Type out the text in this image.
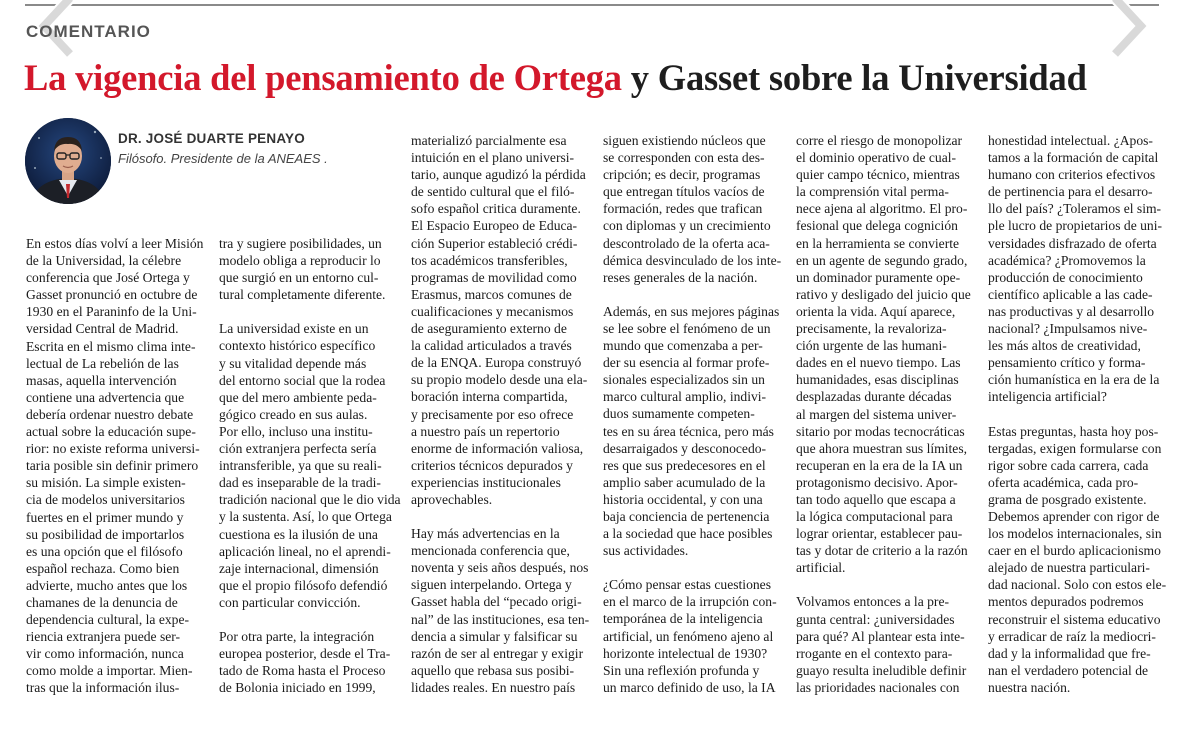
COMENTARIO
La vigencia del pensamiento de Ortega y Gasset sobre la Universidad
DR. JOSÉ DUARTE PENAYO
Filósofo. Presidente de la ANEAES .
En estos días volví a leer Misión
de la Universidad, la célebre
conferencia que José Ortega y
Gasset pronunció en octubre de
1930 en el Paraninfo de la Uni-
versidad Central de Madrid.
Escrita en el mismo clima inte-
lectual de La rebelión de las
masas, aquella intervención
contiene una advertencia que
debería ordenar nuestro debate
actual sobre la educación supe-
rior: no existe reforma universi-
taria posible sin definir primero
su misión. La simple existen-
cia de modelos universitarios
fuertes en el primer mundo y
su posibilidad de importarlos
es una opción que el filósofo
español rechaza. Como bien
advierte, mucho antes que los
chamanes de la denuncia de
dependencia cultural, la expe-
riencia extranjera puede ser-
vir como información, nunca
como molde a importar. Mien-
tras que la información ilus-
tra y sugiere posibilidades, un
modelo obliga a reproducir lo
que surgió en un entorno cul-
tural completamente diferente.
La universidad existe en un
contexto histórico específico
y su vitalidad depende más
del entorno social que la rodea
que del mero ambiente peda-
gógico creado en sus aulas.
Por ello, incluso una institu-
ción extranjera perfecta sería
intransferible, ya que su reali-
dad es inseparable de la tradi-
tradición nacional que le dio vida
y la sustenta. Así, lo que Ortega
cuestiona es la ilusión de una
aplicación lineal, no el aprendi-
zaje internacional, dimensión
que el propio filósofo defendió
con particular convicción.
Por otra parte, la integración
europea posterior, desde el Tra-
tado de Roma hasta el Proceso
de Bolonia iniciado en 1999,
materializó parcialmente esa
intuición en el plano universi-
tario, aunque agudizó la pérdida
de sentido cultural que el filó-
sofo español critica duramente.
El Espacio Europeo de Educa-
ción Superior estableció crédi-
tos académicos transferibles,
programas de movilidad como
Erasmus, marcos comunes de
cualificaciones y mecanismos
de aseguramiento externo de
la calidad articulados a través
de la ENQA. Europa construyó
su propio modelo desde una ela-
boración interna compartida,
y precisamente por eso ofrece
a nuestro país un repertorio
enorme de información valiosa,
criterios técnicos depurados y
experiencias institucionales
aprovechables.
Hay más advertencias en la
mencionada conferencia que,
noventa y seis años después, nos
siguen interpelando. Ortega y
Gasset habla del “pecado origi-
nal” de las instituciones, esa ten-
dencia a simular y falsificar su
razón de ser al entregar y exigir
aquello que rebasa sus posibi-
lidades reales. En nuestro país
siguen existiendo núcleos que
se corresponden con esta des-
cripción; es decir, programas
que entregan títulos vacíos de
formación, redes que trafican
con diplomas y un crecimiento
descontrolado de la oferta aca-
démica desvinculado de los inte-
reses generales de la nación.
Además, en sus mejores páginas
se lee sobre el fenómeno de un
mundo que comenzaba a per-
der su esencia al formar profe-
sionales especializados sin un
marco cultural amplio, indivi-
duos sumamente competen-
tes en su área técnica, pero más
desarraigados y desconocedo-
res que sus predecesores en el
amplio saber acumulado de la
historia occidental, y con una
baja conciencia de pertenencia
a la sociedad que hace posibles
sus actividades.
¿Cómo pensar estas cuestiones
en el marco de la irrupción con-
temporánea de la inteligencia
artificial, un fenómeno ajeno al
horizonte intelectual de 1930?
Sin una reflexión profunda y
un marco definido de uso, la IA
corre el riesgo de monopolizar
el dominio operativo de cual-
quier campo técnico, mientras
la comprensión vital perma-
nece ajena al algoritmo. El pro-
fesional que delega cognición
en la herramienta se convierte
en un agente de segundo grado,
un dominador puramente ope-
rativo y desligado del juicio que
orienta la vida. Aquí aparece,
precisamente, la revaloriza-
ción urgente de las humani-
dades en el nuevo tiempo. Las
humanidades, esas disciplinas
desplazadas durante décadas
al margen del sistema univer-
sitario por modas tecnocráticas
que ahora muestran sus límites,
recuperan en la era de la IA un
protagonismo decisivo. Apor-
tan todo aquello que escapa a
la lógica computacional para
lograr orientar, establecer pau-
tas y dotar de criterio a la razón
artificial.
Volvamos entonces a la pre-
gunta central: ¿universidades
para qué? Al plantear esta inte-
rrogante en el contexto para-
guayo resulta ineludible definir
las prioridades nacionales con
honestidad intelectual. ¿Apos-
tamos a la formación de capital
humano con criterios efectivos
de pertinencia para el desarro-
llo del país? ¿Toleramos el sim-
ple lucro de propietarios de uni-
versidades disfrazado de oferta
académica? ¿Promovemos la
producción de conocimiento
científico aplicable a las cade-
nas productivas y al desarrollo
nacional? ¿Impulsamos nive-
les más altos de creatividad,
pensamiento crítico y forma-
ción humanística en la era de la
inteligencia artificial?
Estas preguntas, hasta hoy pos-
tergadas, exigen formularse con
rigor sobre cada carrera, cada
oferta académica, cada pro-
grama de posgrado existente.
Debemos aprender con rigor de
los modelos internacionales, sin
caer en el burdo aplicacionismo
alejado de nuestra particulari-
dad nacional. Solo con estos ele-
mentos depurados podremos
reconstruir el sistema educativo
y erradicar de raíz la mediocri-
dad y la informalidad que fre-
nan el verdadero potencial de
nuestra nación.
